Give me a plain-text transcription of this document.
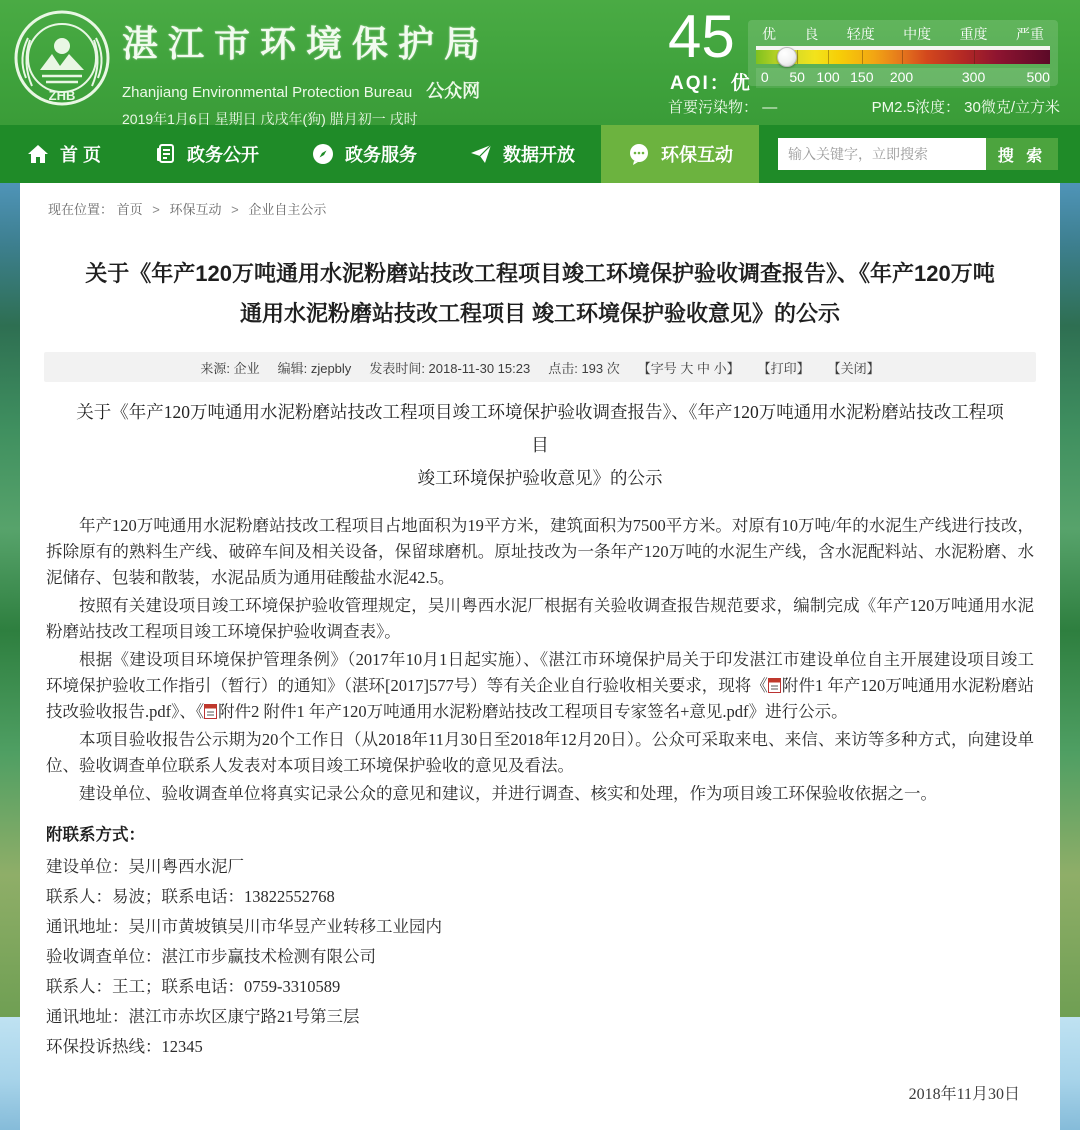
ZHB
湛江市环境保护局
Zhanjiang Environmental Protection Bureau 公众网
2019年1月6日 星期日 戊戌年(狗) 腊月初一 戌时
45
AQI：优
优 良 轻度 中度 重度 严重
0 50 100 150 200	300	500
首要污染物： —	PM2.5浓度： 30微克/立方米
首 页	政务公开	政务服务	数据开放	环保互动
输入关键字，立即搜索	搜 索
现在位置： 首页 > 环保互动 > 企业自主公示
关于《年产120万吨通用水泥粉磨站技改工程项目竣工环境保护验收调查报告》、《年产120万吨
通用水泥粉磨站技改工程项目 竣工环境保护验收意见》的公示
来源: 企业 编辑: zjepbly 发表时间: 2018-11-30 15:23 点击: 193 次 【字号 大 中 小】 【打印】 【关闭】
关于《年产120万吨通用水泥粉磨站技改工程项目竣工环境保护验收调查报告》、《年产120万吨通用水泥粉磨站技改工程项
目
竣工环境保护验收意见》的公示

年产120万吨通用水泥粉磨站技改工程项目占地面积为19平方米，建筑面积为7500平方米。对原有10万吨/年的水泥生产线进行技改，拆除原有的熟料生产线、破碎车间及相关设备，保留球磨机。原址技改为一条年产120万吨的水泥生产线，含水泥配料站、水泥粉磨、水泥储存、包装和散装，水泥品质为通用硅酸盐水泥42.5。

按照有关建设项目竣工环境保护验收管理规定，吴川粤西水泥厂根据有关验收调查报告规范要求，编制完成《年产120万吨通用水泥粉磨站技改工程项目竣工环境保护验收调查表》。

根据《建设项目环境保护管理条例》（2017年10月1日起实施）、《湛江市环境保护局关于印发湛江市建设单位自主开展建设项目竣工环境保护验收工作指引（暂行）的通知》（湛环[2017]577号）等有关企业自行验收相关要求，现将《 附件1 年产120万吨通用水泥粉磨站技改验收报告.pdf》、《 附件2 附件1 年产120万吨通用水泥粉磨站技改工程项目专家签名+意见.pdf》进行公示。

本项目验收报告公示期为20个工作日（从2018年11月30日至2018年12月20日）。公众可采取来电、来信、来访等多种方式，向建设单位、验收调查单位联系人发表对本项目竣工环境保护验收的意见及看法。

建设单位、验收调查单位将真实记录公众的意见和建议，并进行调查、核实和处理，作为项目竣工环保验收依据之一。

附联系方式：
建设单位：吴川粤西水泥厂
联系人：易波；联系电话：13822552768
通讯地址：吴川市黄坡镇吴川市华昱产业转移工业园内
验收调查单位：湛江市步赢技术检测有限公司
联系人：王工；联系电话：0759-3310589
通讯地址：湛江市赤坎区康宁路21号第三层
环保投诉热线：12345
2018年11月30日
